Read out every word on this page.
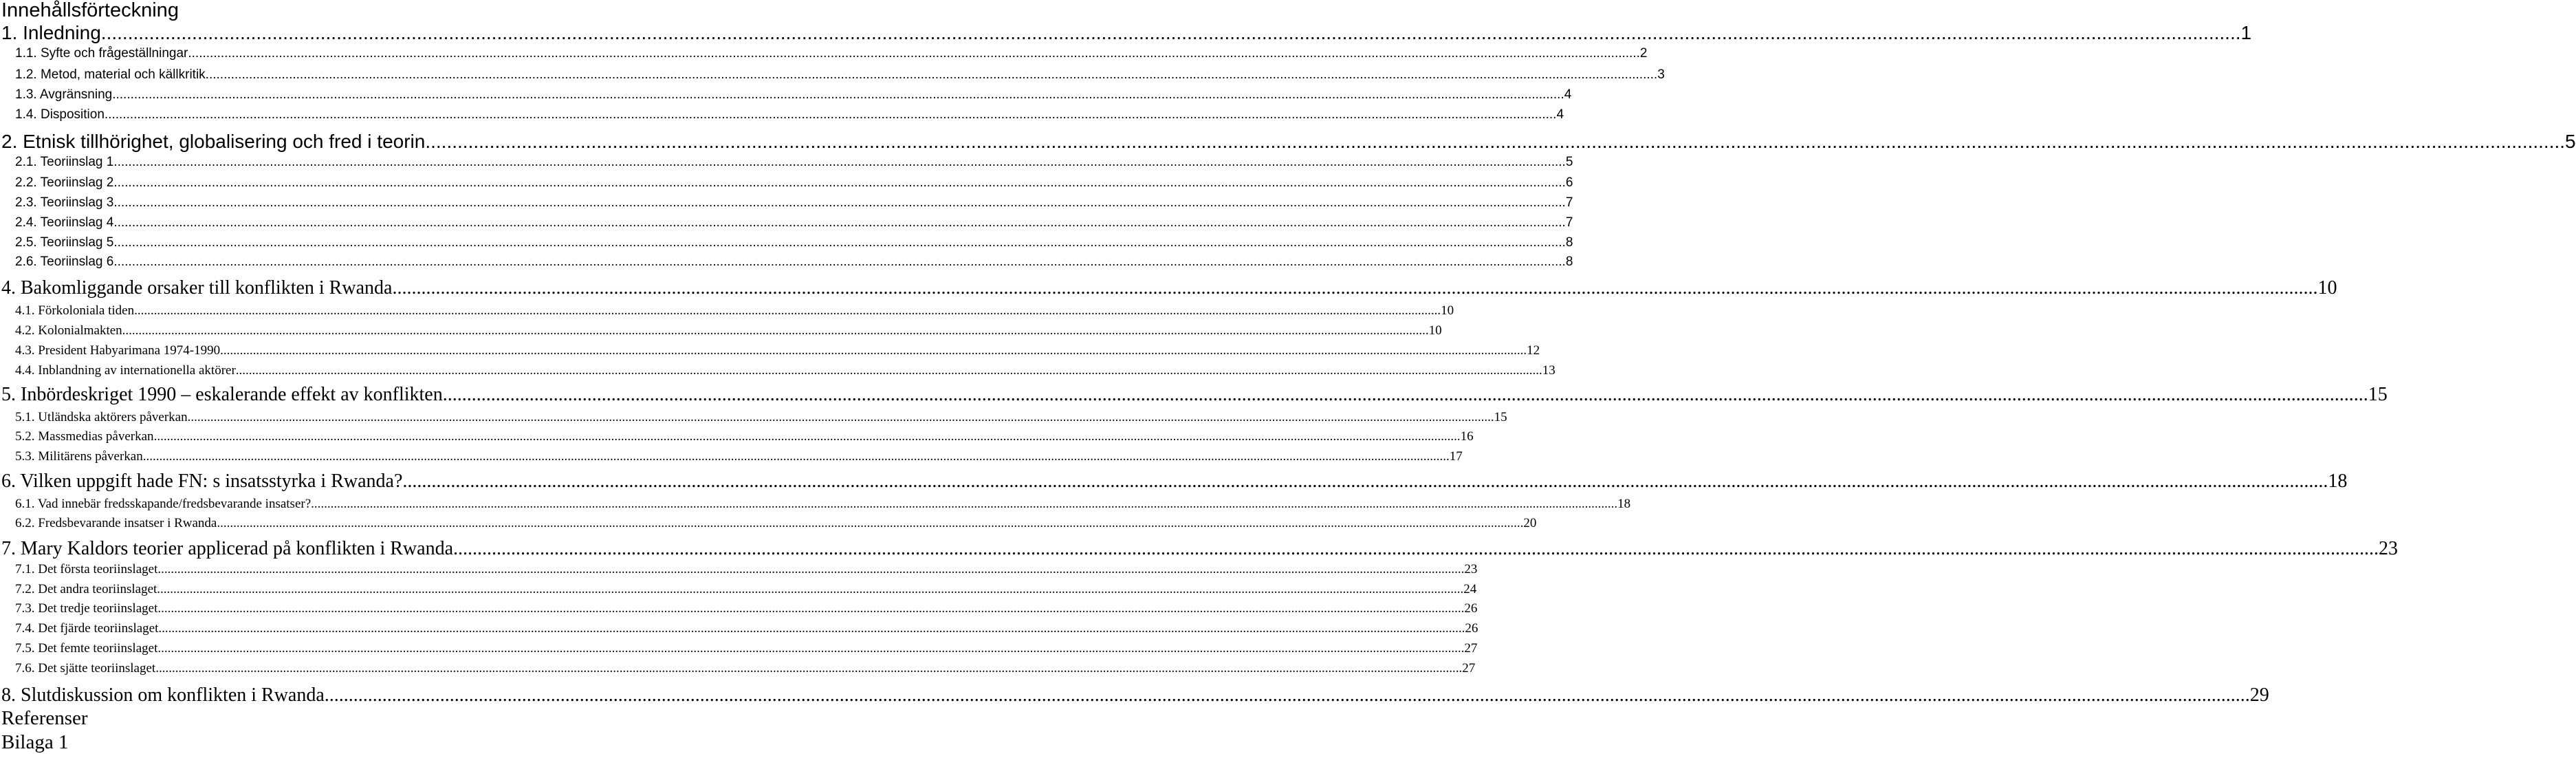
Innehållsförteckning
1. Inledning ................................................................................................................................................................................................................................................................................................................................................................................................................ 1
1.1. Syfte och frågeställningar ................................................................................................................................................................................................................................................................................................................................................................................................................ 2
1.2. Metod, material och källkritik ................................................................................................................................................................................................................................................................................................................................................................................................................ 3
1.3. Avgränsning ................................................................................................................................................................................................................................................................................................................................................................................................................ 4
1.4. Disposition ................................................................................................................................................................................................................................................................................................................................................................................................................ 4
2. Etnisk tillhörighet, globalisering och fred i teorin ................................................................................................................................................................................................................................................................................................................................................................................................................ 5
2.1. Teoriinslag 1 ................................................................................................................................................................................................................................................................................................................................................................................................................ 5
2.2. Teoriinslag 2 ................................................................................................................................................................................................................................................................................................................................................................................................................ 6
2.3. Teoriinslag 3 ................................................................................................................................................................................................................................................................................................................................................................................................................ 7
2.4. Teoriinslag 4 ................................................................................................................................................................................................................................................................................................................................................................................................................ 7
2.5. Teoriinslag 5 ................................................................................................................................................................................................................................................................................................................................................................................................................ 8
2.6. Teoriinslag 6 ................................................................................................................................................................................................................................................................................................................................................................................................................ 8
4. Bakomliggande orsaker till konflikten i Rwanda ................................................................................................................................................................................................................................................................................................................................................................................................................ 10
4.1. Förkoloniala tiden ................................................................................................................................................................................................................................................................................................................................................................................................................ 10
4.2. Kolonialmakten ................................................................................................................................................................................................................................................................................................................................................................................................................ 10
4.3. President Habyarimana 1974-1990 ................................................................................................................................................................................................................................................................................................................................................................................................................ 12
4.4. Inblandning av internationella aktörer ................................................................................................................................................................................................................................................................................................................................................................................................................ 13
5. Inbördeskriget 1990 – eskalerande effekt av konflikten ................................................................................................................................................................................................................................................................................................................................................................................................................ 15
5.1. Utländska aktörers påverkan ................................................................................................................................................................................................................................................................................................................................................................................................................ 15
5.2. Massmedias påverkan ................................................................................................................................................................................................................................................................................................................................................................................................................ 16
5.3. Militärens påverkan ................................................................................................................................................................................................................................................................................................................................................................................................................ 17
6. Vilken uppgift hade FN: s insatsstyrka i Rwanda? ................................................................................................................................................................................................................................................................................................................................................................................................................ 18
6.1. Vad innebär fredsskapande/fredsbevarande insatser? ................................................................................................................................................................................................................................................................................................................................................................................................................ 18
6.2. Fredsbevarande insatser i Rwanda ................................................................................................................................................................................................................................................................................................................................................................................................................ 20
7. Mary Kaldors teorier applicerad på konflikten i Rwanda ................................................................................................................................................................................................................................................................................................................................................................................................................ 23
7.1. Det första teoriinslaget ................................................................................................................................................................................................................................................................................................................................................................................................................ 23
7.2. Det andra teoriinslaget ................................................................................................................................................................................................................................................................................................................................................................................................................ 24
7.3. Det tredje teoriinslaget ................................................................................................................................................................................................................................................................................................................................................................................................................ 26
7.4. Det fjärde teoriinslaget ................................................................................................................................................................................................................................................................................................................................................................................................................ 26
7.5. Det femte teoriinslaget ................................................................................................................................................................................................................................................................................................................................................................................................................ 27
7.6. Det sjätte teoriinslaget ................................................................................................................................................................................................................................................................................................................................................................................................................ 27
8. Slutdiskussion om konflikten i Rwanda ................................................................................................................................................................................................................................................................................................................................................................................................................ 29
Referenser
Bilaga 1
